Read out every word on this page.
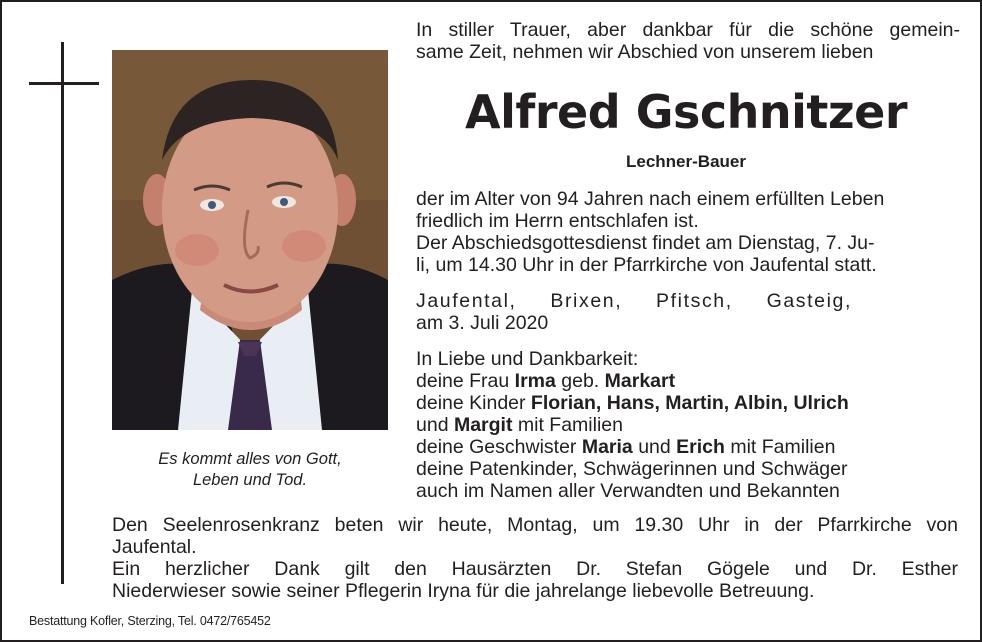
Es kommt alles von Gott,
Leben und Tod.
In stiller Trauer, aber dankbar für die schöne gemein-
same Zeit, nehmen wir Abschied von unserem lieben
Alfred Gschnitzer
Lechner-Bauer
der im Alter von 94 Jahren nach einem erfüllten Leben
friedlich im Herrn entschlafen ist.
Der Abschiedsgottesdienst findet am Dienstag, 7. Ju-
li, um 14.30 Uhr in der Pfarrkirche von Jaufental statt.
Jaufental, Brixen, Pfitsch, Gasteig,
am 3. Juli 2020
In Liebe und Dankbarkeit:
deine Frau Irma geb. Markart
deine Kinder Florian, Hans, Martin, Albin, Ulrich
und Margit mit Familien
deine Geschwister Maria und Erich mit Familien
deine Patenkinder, Schwägerinnen und Schwäger
auch im Namen aller Verwandten und Bekannten
Den Seelenrosenkranz beten wir heute, Montag, um 19.30 Uhr in der Pfarrkirche von
Jaufental.
Ein herzlicher Dank gilt den Hausärzten Dr. Stefan Gögele und Dr. Esther
Niederwieser sowie seiner Pflegerin Iryna für die jahrelange liebevolle Betreuung.
Bestattung Kofler, Sterzing, Tel. 0472/765452
